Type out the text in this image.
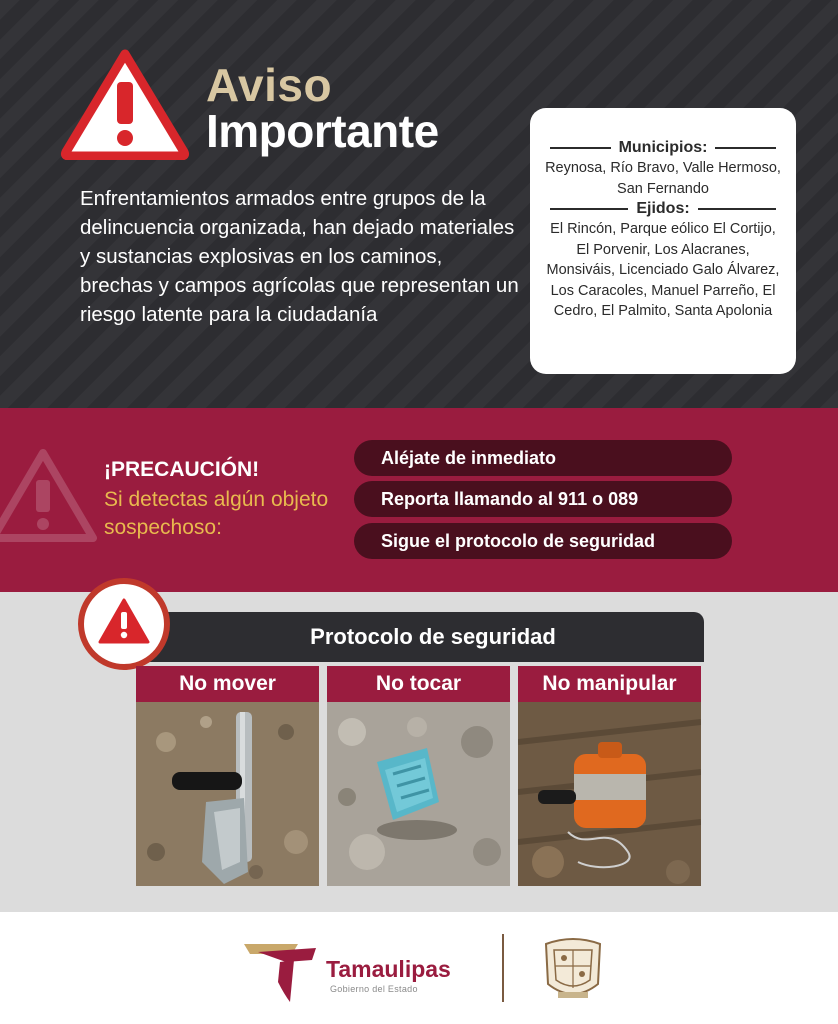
Aviso
Importante

Enfrentamientos armados entre grupos de la delincuencia organizada, han dejado materiales y sustancias explosivas en los caminos, brechas y campos agrícolas que representan un riesgo latente para la ciudadanía

Municipios:
Reynosa, Río Bravo, Valle Hermoso, San Fernando
Ejidos:
El Rincón, Parque eólico El Cortijo, El Porvenir, Los Alacranes, Monsiváis, Licenciado Galo Álvarez, Los Caracoles, Manuel Parreño, El Cedro, El Palmito, Santa Apolonia
¡PRECAUCIÓN!
Si detectas algún objeto sospechoso:
Aléjate de inmediato
Reporta llamando al 911 o 089
Sigue el protocolo de seguridad
Protocolo de seguridad
No mover	No tocar	No manipular
Tamaulipas
Gobierno del Estado
